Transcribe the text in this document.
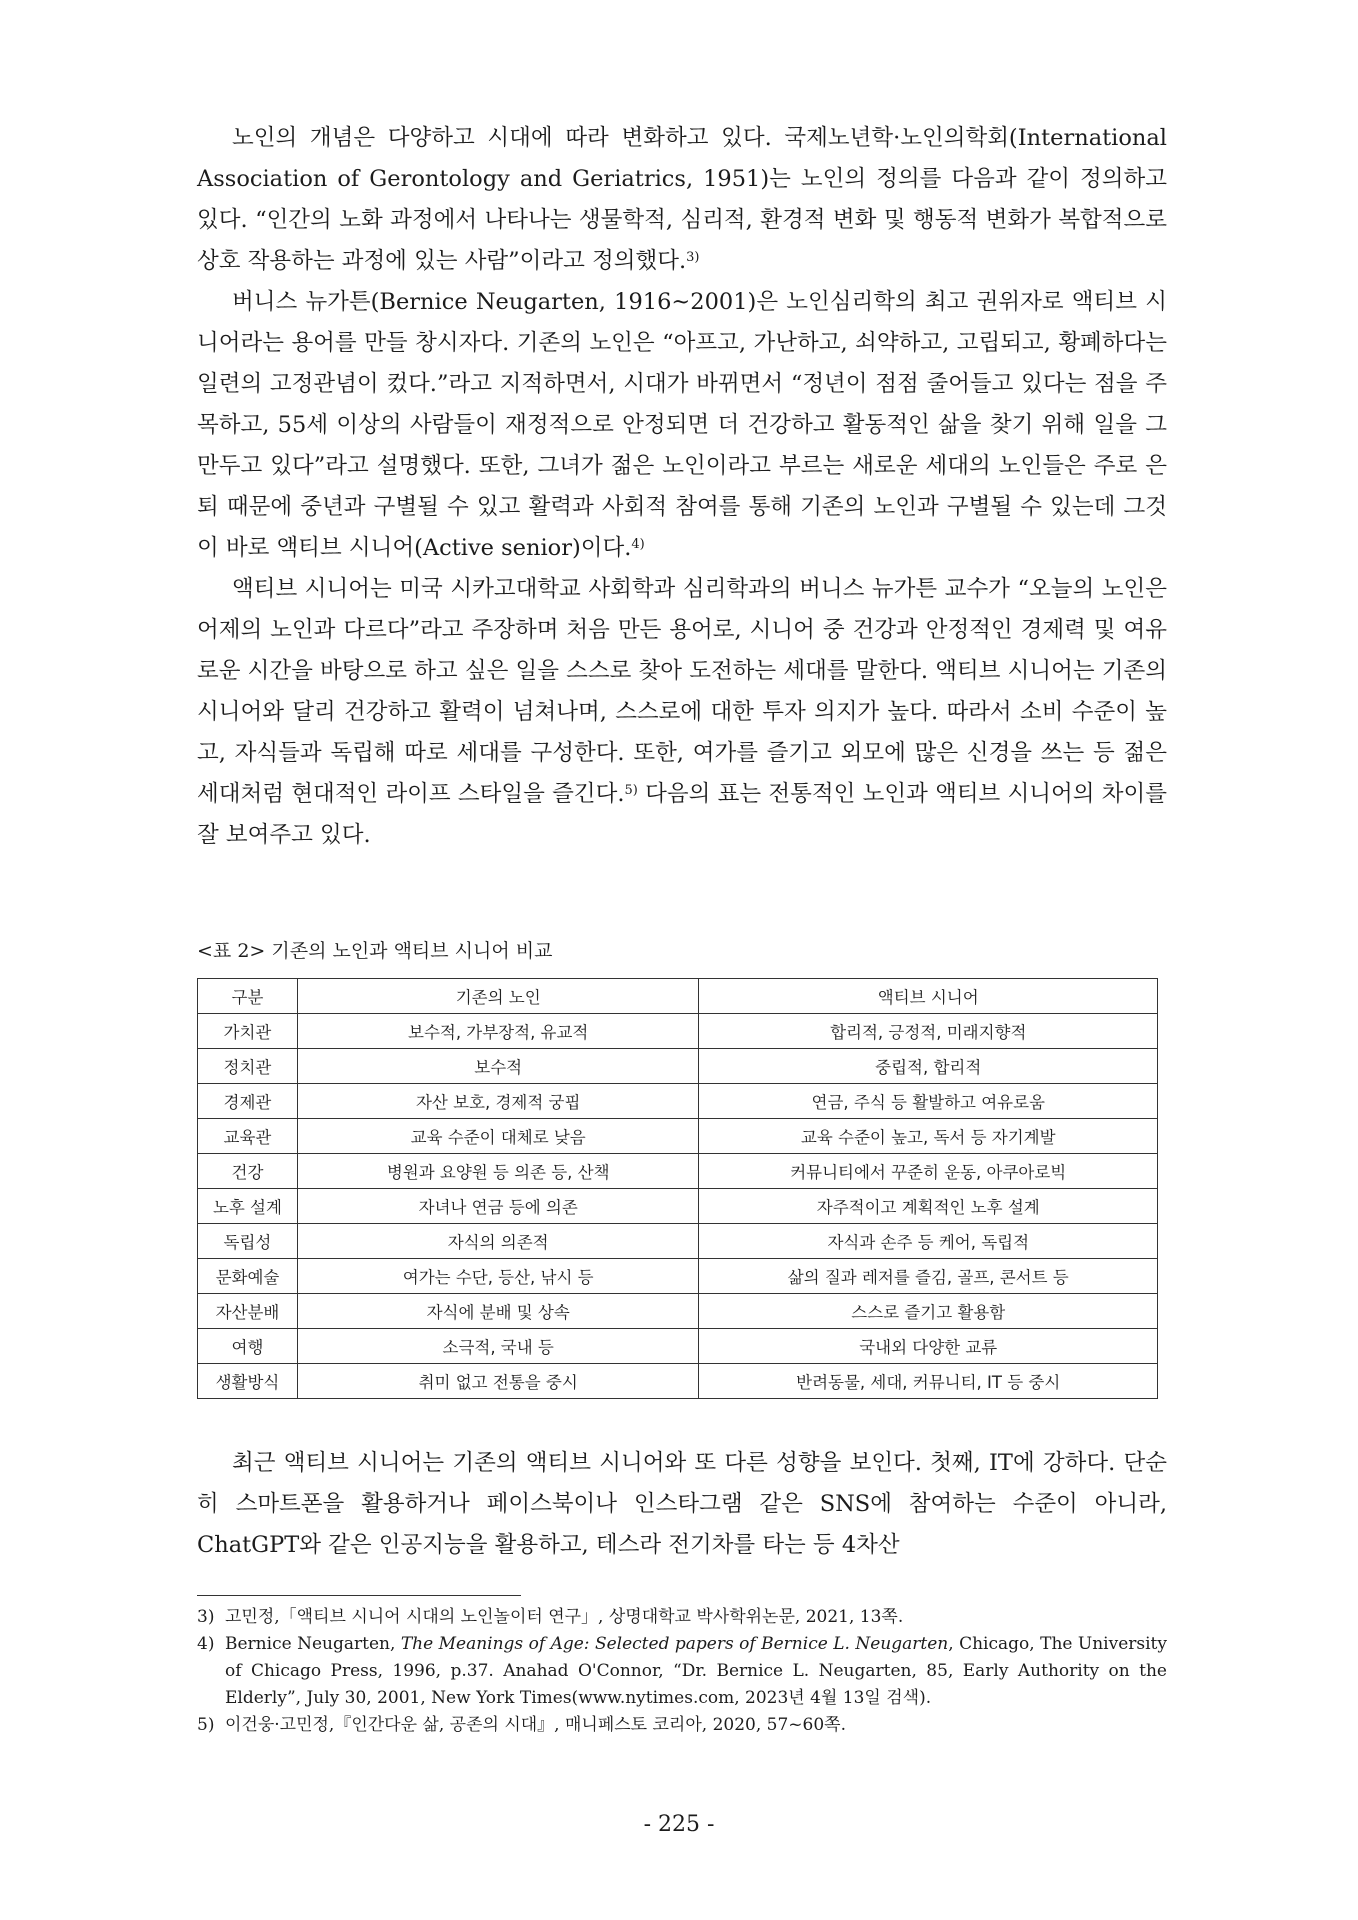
노인의 개념은 다양하고 시대에 따라 변화하고 있다. 국제노년학·노인의학회(International Association of Gerontology and Geriatrics, 1951)는 노인의 정의를 다음과 같이 정의하고 있다. “인간의 노화 과정에서 나타나는 생물학적, 심리적, 환경적 변화 및 행동적 변화가 복합적으로 상호 작용하는 과정에 있는 사람”이라고 정의했다.$^{3)}$

버니스 뉴가튼(Bernice Neugarten, 1916~2001)은 노인심리학의 최고 권위자로 액티브 시니어라는 용어를 만들 창시자다. 기존의 노인은 “아프고, 가난하고, 쇠약하고, 고립되고, 황폐하다는 일련의 고정관념이 컸다.”라고 지적하면서, 시대가 바뀌면서 “정년이 점점 줄어들고 있다는 점을 주목하고, 55세 이상의 사람들이 재정적으로 안정되면 더 건강하고 활동적인 삶을 찾기 위해 일을 그만두고 있다”라고 설명했다. 또한, 그녀가 젊은 노인이라고 부르는 새로운 세대의 노인들은 주로 은퇴 때문에 중년과 구별될 수 있고 활력과 사회적 참여를 통해 기존의 노인과 구별될 수 있는데 그것이 바로 액티브 시니어(Active senior)이다.$^{4)}$

액티브 시니어는 미국 시카고대학교 사회학과 심리학과의 버니스 뉴가튼 교수가 “오늘의 노인은 어제의 노인과 다르다”라고 주장하며 처음 만든 용어로, 시니어 중 건강과 안정적인 경제력 및 여유로운 시간을 바탕으로 하고 싶은 일을 스스로 찾아 도전하는 세대를 말한다. 액티브 시니어는 기존의 시니어와 달리 건강하고 활력이 넘쳐나며, 스스로에 대한 투자 의지가 높다. 따라서 소비 수준이 높고, 자식들과 독립해 따로 세대를 구성한다. 또한, 여가를 즐기고 외모에 많은 신경을 쓰는 등 젊은 세대처럼 현대적인 라이프 스타일을 즐긴다.$^{5)}$ 다음의 표는 전통적인 노인과 액티브 시니어의 차이를 잘 보여주고 있다.

<표 2> 기존의 노인과 액티브 시니어 비교
구분	기존의 노인	액티브 시니어
가치관	보수적, 가부장적, 유교적	합리적, 긍정적, 미래지향적
정치관	보수적	중립적, 합리적
경제관	자산 보호, 경제적 궁핍	연금, 주식 등 활발하고 여유로움
교육관	교육 수준이 대체로 낮음	교육 수준이 높고, 독서 등 자기계발
건강	병원과 요양원 등 의존 등, 산책	커뮤니티에서 꾸준히 운동, 아쿠아로빅
노후 설계	자녀나 연금 등에 의존	자주적이고 계획적인 노후 설계
독립성	자식의 의존적	자식과 손주 등 케어, 독립적
문화예술	여가는 수단, 등산, 낚시 등	삶의 질과 레저를 즐김, 골프, 콘서트 등
자산분배	자식에 분배 및 상속	스스로 즐기고 활용함
여행	소극적, 국내 등	국내외 다양한 교류
생활방식	취미 없고 전통을 중시	반려동물, 세대, 커뮤니티, IT 등 중시

최근 액티브 시니어는 기존의 액티브 시니어와 또 다른 성향을 보인다. 첫째, IT에 강하다. 단순히 스마트폰을 활용하거나 페이스북이나 인스타그램 같은 SNS에 참여하는 수준이 아니라, ChatGPT와 같은 인공지능을 활용하고, 테스라 전기차를 타는 등 4차산

3) 고민정,「액티브 시니어 시대의 노인놀이터 연구」, 상명대학교 박사학위논문, 2021, 13쪽.
4) Bernice Neugarten, The Meanings of Age: Selected papers of Bernice L. Neugarten, Chicago, The University of Chicago Press, 1996, p.37. Anahad O'Connor, “Dr. Bernice L. Neugarten, 85, Early Authority on the Elderly”, July 30, 2001, New York Times(www.nytimes.com, 2023년 4월 13일 검색).
5) 이건웅·고민정,『인간다운 삶, 공존의 시대』, 매니페스토 코리아, 2020, 57~60쪽.
- 225 -
